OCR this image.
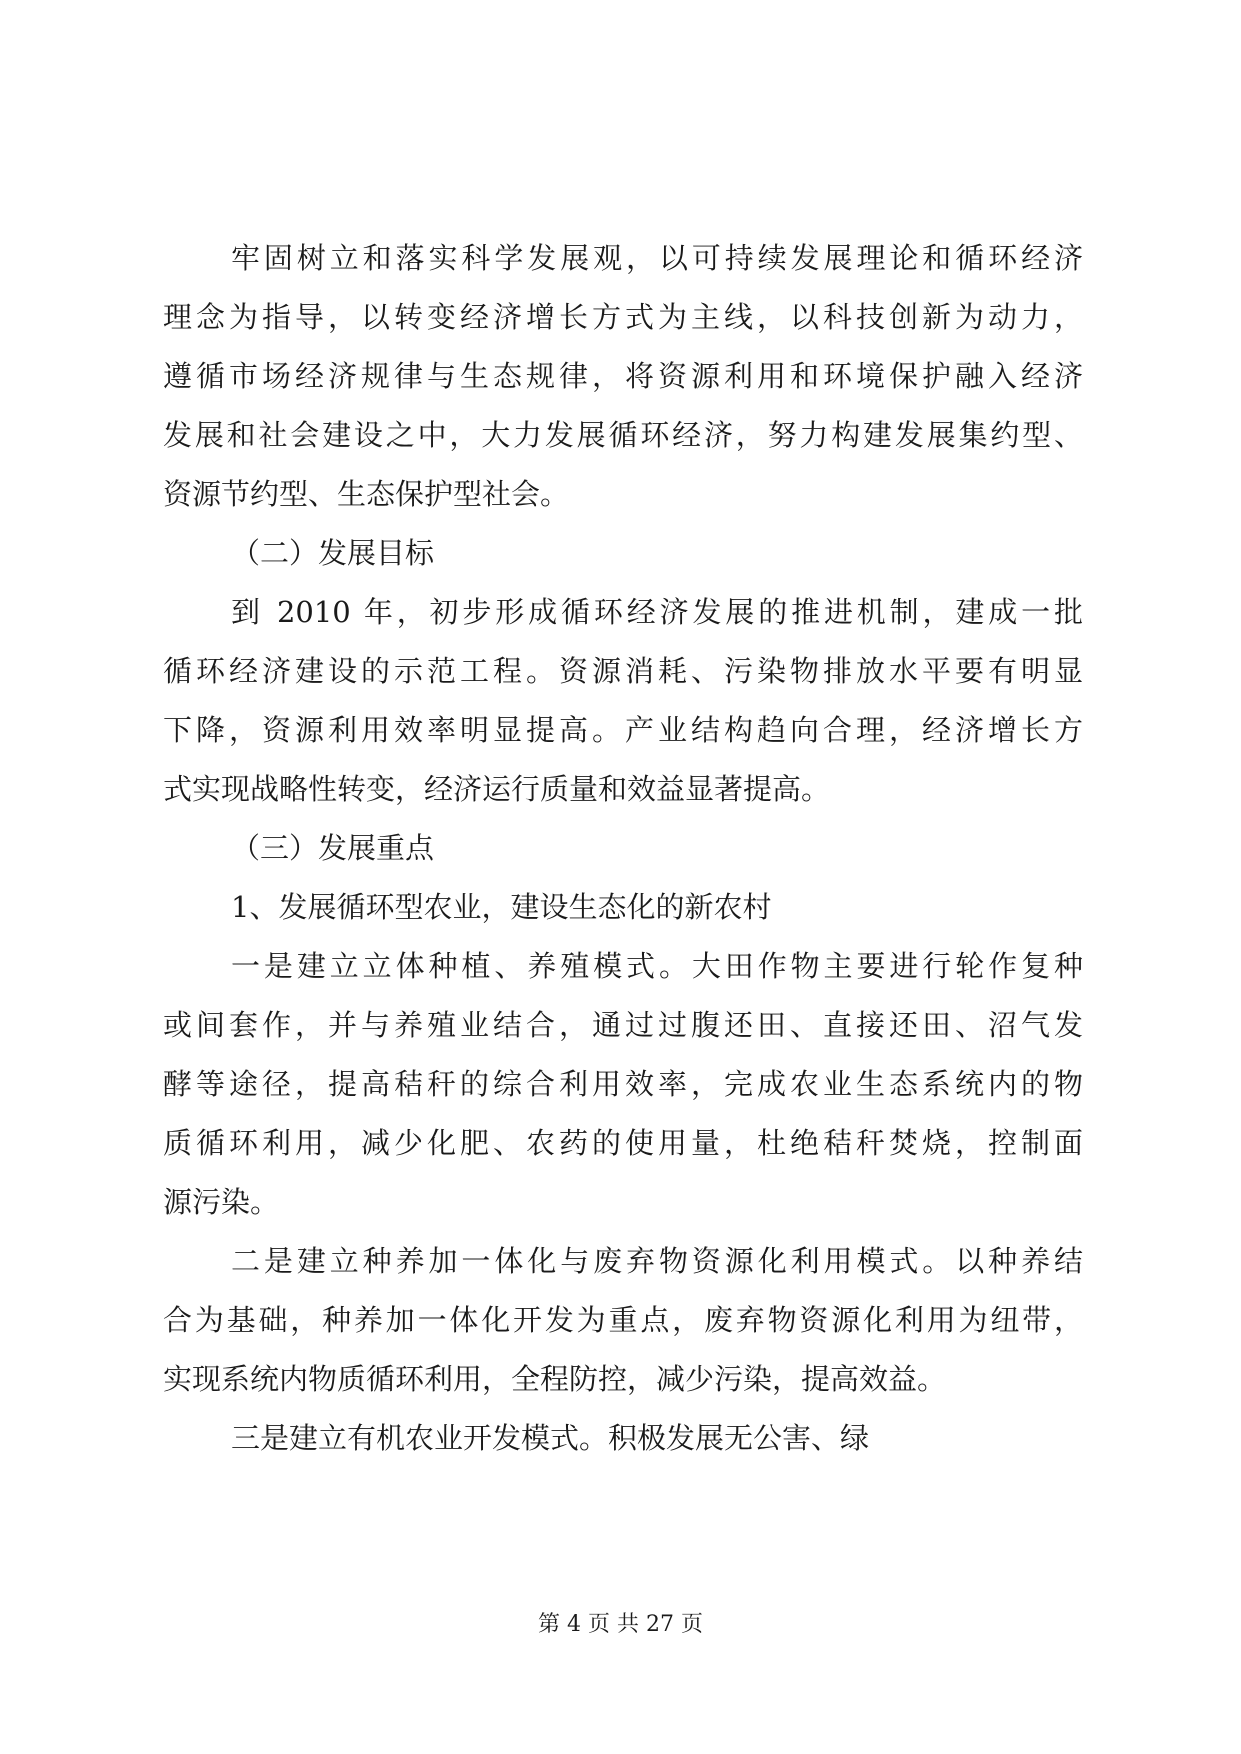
牢固树立和落实科学发展观，以可持续发展理论和循环经济
理念为指导，以转变经济增长方式为主线，以科技创新为动力，
遵循市场经济规律与生态规律，将资源利用和环境保护融入经济
发展和社会建设之中，大力发展循环经济，努力构建发展集约型、
资源节约型、生态保护型社会。
（二）发展目标
到 2010 年，初步形成循环经济发展的推进机制，建成一批
循环经济建设的示范工程。资源消耗、污染物排放水平要有明显
下降，资源利用效率明显提高。产业结构趋向合理，经济增长方
式实现战略性转变，经济运行质量和效益显著提高。
（三）发展重点
1、发展循环型农业，建设生态化的新农村
一是建立立体种植、养殖模式。大田作物主要进行轮作复种
或间套作，并与养殖业结合，通过过腹还田、直接还田、沼气发
酵等途径，提高秸秆的综合利用效率，完成农业生态系统内的物
质循环利用，减少化肥、农药的使用量，杜绝秸秆焚烧，控制面
源污染。
二是建立种养加一体化与废弃物资源化利用模式。以种养结
合为基础，种养加一体化开发为重点，废弃物资源化利用为纽带，
实现系统内物质循环利用，全程防控，减少污染，提高效益。
三是建立有机农业开发模式。积极发展无公害、绿
第 4 页 共 27 页
